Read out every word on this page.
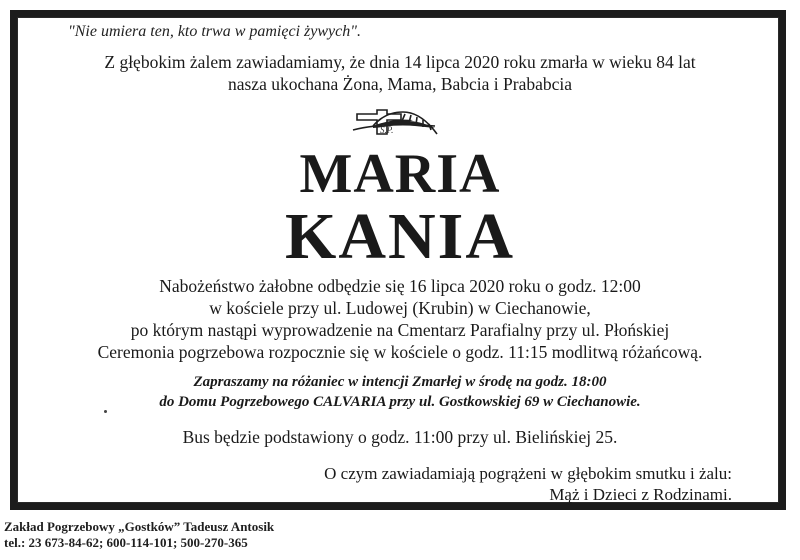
"Nie umiera ten, kto trwa w pamięci żywych".
Z głębokim żalem zawiadamiamy, że dnia 14 lipca 2020 roku zmarła w wieku 84 lat
nasza ukochana Żona, Mama, Babcia i Prababcia
Ś.P.
MARIA
KANIA
Nabożeństwo żałobne odbędzie się 16 lipca 2020 roku o godz. 12:00
w kościele przy ul. Ludowej (Krubin) w Ciechanowie,
po którym nastąpi wyprowadzenie na Cmentarz Parafialny przy ul. Płońskiej
Ceremonia pogrzebowa rozpocznie się w kościele o godz. 11:15 modlitwą różańcową.
Zapraszamy na różaniec w intencji Zmarłej w środę na godz. 18:00
do Domu Pogrzebowego CALVARIA przy ul. Gostkowskiej 69 w Ciechanowie.
Bus będzie podstawiony o godz. 11:00 przy ul. Bielińskiej 25.
O czym zawiadamiają pogrążeni w głębokim smutku i żalu:
Mąż i Dzieci z Rodzinami.
Zakład Pogrzebowy „Gostków” Tadeusz Antosik
tel.: 23 673-84-62; 600-114-101; 500-270-365
